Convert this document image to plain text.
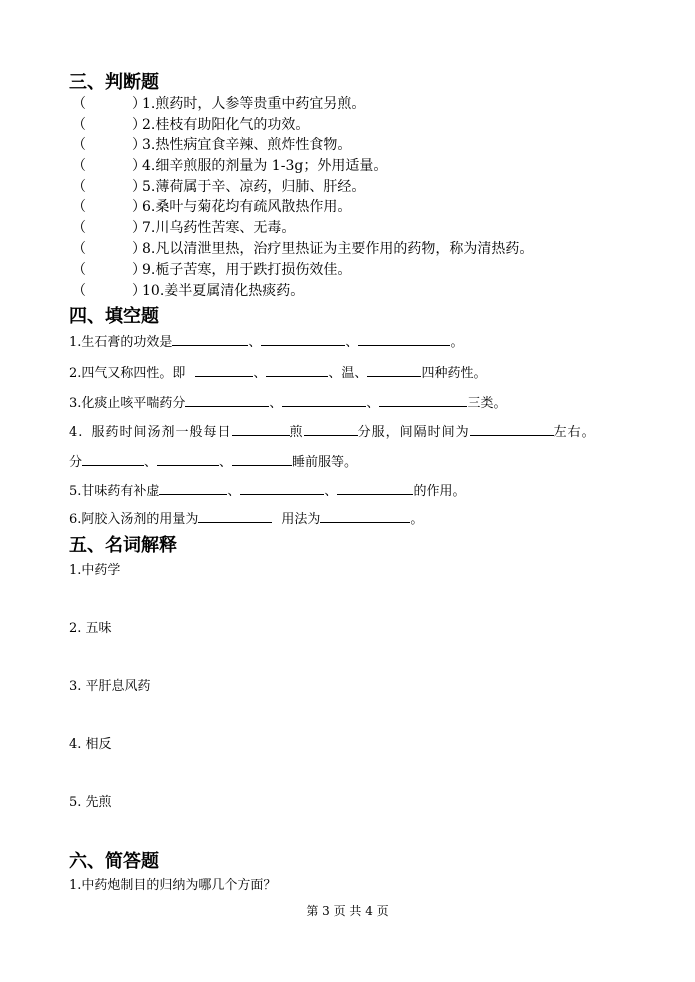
三、判断题
（	）
1.煎药时，人参等贵重中药宜另煎。
（	）
2.桂枝有助阳化气的功效。
（	）
3.热性病宜食辛辣、煎炸性食物。
（	）
4.细辛煎服的剂量为 1-3g；外用适量。
（	）
5.薄荷属于辛、凉药，归肺、肝经。
（	）
6.桑叶与菊花均有疏风散热作用。
（	）
7.川乌药性苦寒、无毒。
（	）
8.凡以清泄里热，治疗里热证为主要作用的药物，称为清热药。
（	）
9.栀子苦寒，用于跌打损伤效佳。
（	）
10.姜半夏属清化热痰药。
四、填空题
1.生石膏的功效是	、	、	。
2.四气又称四性。即	、	、温、	四种药性。
3.化痰止咳平喘药分	、	、	三类。
4. 服药时间汤剂一般每日	煎	分服，间隔时间为	左右。
分	、	、	睡前服等。
5.甘味药有补虚	、	、	的作用。
6.阿胶入汤剂的用量为	用法为	。
五、名词解释
1.中药学
2. 五味
3. 平肝息风药
4. 相反
5. 先煎
六、简答题
1.中药炮制目的归纳为哪几个方面？
第 3 页 共 4 页
